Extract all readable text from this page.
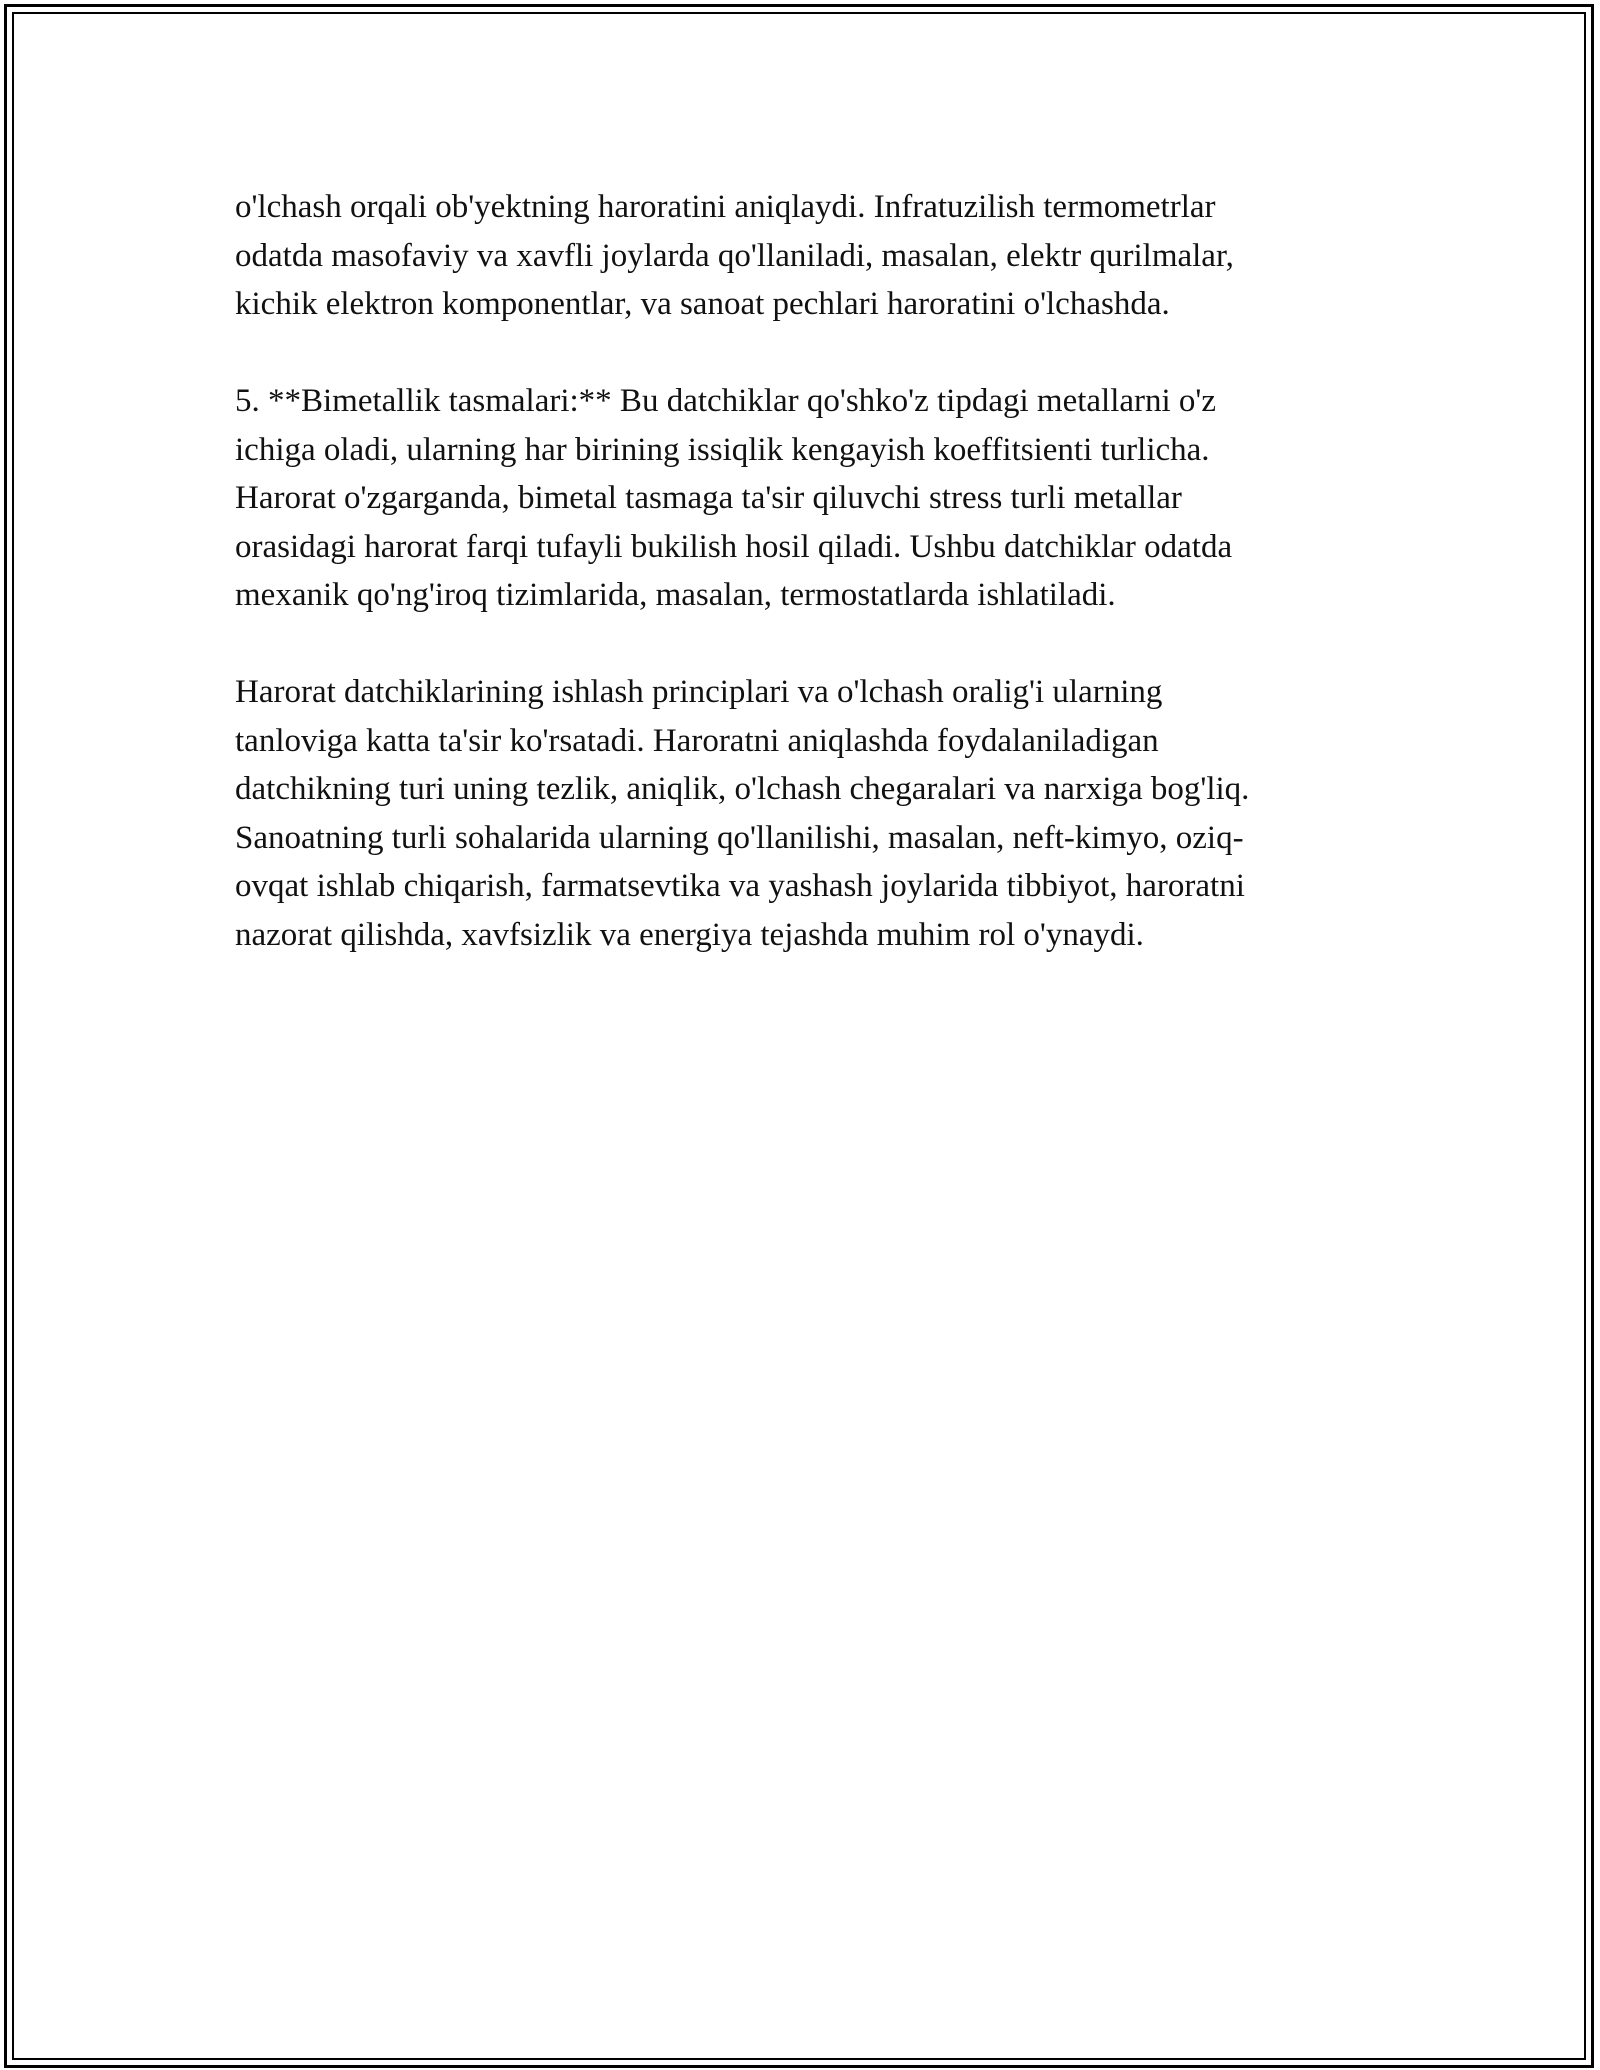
o'lchash orqali ob'yektning haroratini aniqlaydi. Infratuzilish termometrlar
odatda masofaviy va xavfli joylarda qo'llaniladi, masalan, elektr qurilmalar,
kichik elektron komponentlar, va sanoat pechlari haroratini o'lchashda.

5. **Bimetallik tasmalari:** Bu datchiklar qo'shko'z tipdagi metallarni o'z
ichiga oladi, ularning har birining issiqlik kengayish koeffitsienti turlicha.
Harorat o'zgarganda, bimetal tasmaga ta'sir qiluvchi stress turli metallar
orasidagi harorat farqi tufayli bukilish hosil qiladi. Ushbu datchiklar odatda
mexanik qo'ng'iroq tizimlarida, masalan, termostatlarda ishlatiladi.

Harorat datchiklarining ishlash principlari va o'lchash oralig'i ularning
tanloviga katta ta'sir ko'rsatadi. Haroratni aniqlashda foydalaniladigan
datchikning turi uning tezlik, aniqlik, o'lchash chegaralari va narxiga bog'liq.
Sanoatning turli sohalarida ularning qo'llanilishi, masalan, neft-kimyo, oziq-
ovqat ishlab chiqarish, farmatsevtika va yashash joylarida tibbiyot, haroratni
nazorat qilishda, xavfsizlik va energiya tejashda muhim rol o'ynaydi.
